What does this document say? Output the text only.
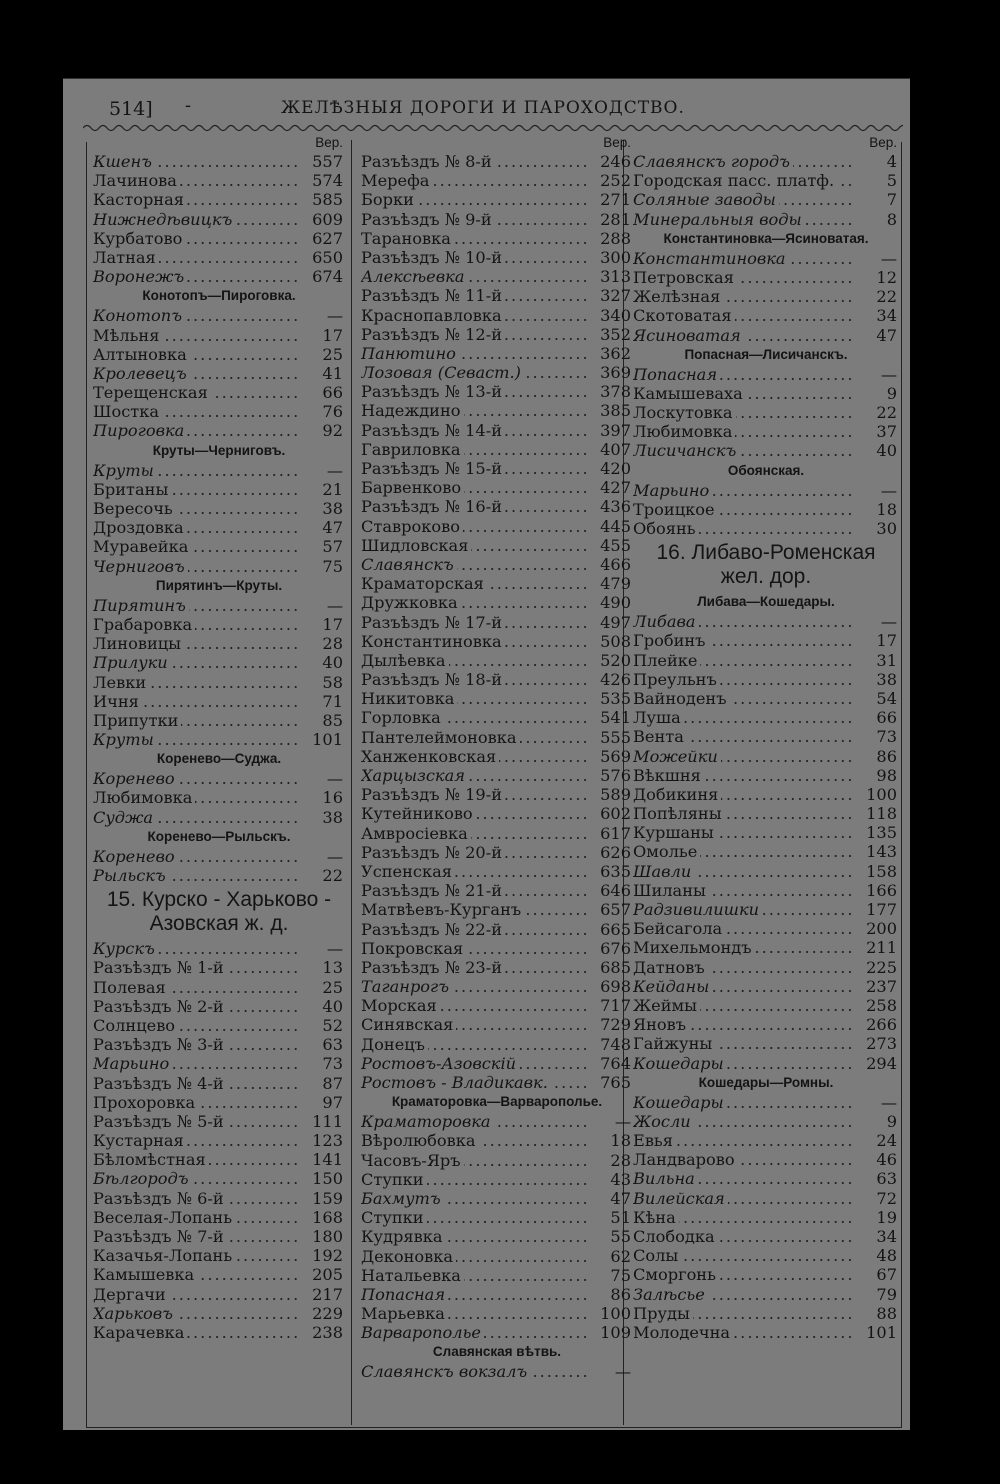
514] -	ЖЕЛѢЗНЫЯ ДОРОГИ И ПАРОХОДСТВО.
Вер.
.....
Кшенъ	557
.....
Лачинова	574
.....
Касторная	585
.....
Нижнедѣвицкъ	609
.....
Курбатово	627
.....
Латная	650
.....
Воронежъ	674
Конотопъ—Пироговка.
.....
Конотопъ	—
.....
Мѣльня	17
.....
Алтыновка	25
.....
Кролевецъ	41
.....
Терещенская	66
.....
Шостка	76
.....
Пироговка	92
Круты—Черниговъ.
.....
Круты	—
.....
Британы	21
.....
Вересочь	38
.....
Дроздовка	47
.....
Муравейка	57
.....
Черниговъ	75
Пирятинъ—Круты.
.....
Пирятинъ	—
.....
Грабаровка	17
.....
Линовицы	28
.....
Прилуки	40
.....
Левки	58
.....
Ичня	71
.....
Припутки	85
.....
Круты	101
Коренево—Суджа.
.....
Коренево	—
.....
Любимовка	16
.....
Суджа	38
Коренево—Рыльскъ.
.....
Коренево	—
.....
Рыльскъ	22
15. Курско - Харьково - Азовская ж. д.
.....
Курскъ	—
.....
Разъѣздъ № 1-й	13
.....
Полевая	25
.....
Разъѣздъ № 2-й	40
.....
Солнцево	52
.....
Разъѣздъ № 3-й	63
.....
Марьино	73
.....
Разъѣздъ № 4-й	87
.....
Прохоровка	97
.....
Разъѣздъ № 5-й	111
.....
Кустарная	123
.....
Бѣломѣстная	141
.....
Бѣлгородъ	150
.....
Разъѣздъ № 6-й	159
.....
Веселая-Лопань	168
.....
Разъѣздъ № 7-й	180
.....
Казачья-Лопань	192
.....
Камышевка	205
.....
Дергачи	217
.....
Харьковъ	229
.....
Карачевка	238
Вер.
.....
Разъѣздъ № 8-й	246
.....
Мерефа	252
.....
Борки	271
.....
Разъѣздъ № 9-й	281
.....
Тарановка	288
.....
Разъѣздъ № 10-й	300
.....
Алексѣевка	313
.....
Разъѣздъ № 11-й	327
.....
Краснопавловка	340
.....
Разъѣздъ № 12-й	352
.....
Панютино	362
.....
Лозовая (Севаст.)	369
.....
Разъѣздъ № 13-й	378
.....
Надеждино	385
.....
Разъѣздъ № 14-й	397
.....
Гавриловка	407
.....
Разъѣздъ № 15-й	420
.....
Барвенково	427
.....
Разъѣздъ № 16-й	436
.....
Ставроково	445
.....
Шидловская	455
.....
Славянскъ	466
.....
Краматорская	479
.....
Дружковка	490
.....
Разъѣздъ № 17-й	497
.....
Константиновка	508
.....
Дылѣевка	520
.....
Разъѣздъ № 18-й	426
.....
Никитовка	535
.....
Горловка	541
.....
Пантелеймоновка	555
.....
Ханженковская	569
.....
Харцызская	576
.....
Разъѣздъ № 19-й	589
.....
Кутейниково	602
.....
Амвросіевка	617
.....
Разъѣздъ № 20-й	626
.....
Успенская	635
.....
Разъѣздъ № 21-й	646
.....
Матвѣевъ-Курганъ	657
.....
Разъѣздъ № 22-й	665
.....
Покровская	676
.....
Разъѣздъ № 23-й	685
.....
Таганрогъ	698
.....
Морская	717
.....
Синявская	729
.....
Донецъ	748
.....
Ростовъ-Азовскій	764
.....
Ростовъ - Владикавк.	765
Краматоровка—Варварополье.
.....
Краматоровка	—
.....
Вѣролюбовка	18
.....
Часовъ-Яръ	28
.....
Ступки	43
.....
Бахмутъ	47
.....
Ступки	51
.....
Кудрявка	55
.....
Деконовка	62
.....
Натальевка	75
.....
Попасная	86
.....
Марьевка	100
.....
Варварополье	109
Славянская вѣтвь.
.....
Славянскъ вокзалъ	—
Вер.
.....
Славянскъ городъ	4
.....
Городская пасс. платф.	5
.....
Соляные заводы	7
.....
Минеральныя воды	8
Константиновка—Ясиноватая.
.....
Константиновка	—
.....
Петровская	12
.....
Желѣзная	22
.....
Скотоватая	34
.....
Ясиноватая	47
Попасная—Лисичанскъ.
.....
Попасная	—
.....
Камышеваха	9
.....
Лоскутовка	22
.....
Любимовка	37
.....
Лисичанскъ	40
Обоянская.
.....
Марьино	—
.....
Троицкое	18
.....
Обоянь	30
16. Либаво-Роменская жел. дор.
Либава—Кошедары.
.....
Либава	—
.....
Гробинъ	17
.....
Плейке	31
.....
Преульнъ	38
.....
Вайноденъ	54
.....
Луша	66
.....
Вента	73
.....
Можейки	86
.....
Вѣкшня	98
.....
Добикиня	100
.....
Попѣляны	118
.....
Куршаны	135
.....
Омолье	143
.....
Шавли	158
.....
Шиланы	166
.....
Радзивилишки	177
.....
Бейсагола	200
.....
Михельмондъ	211
.....
Датновъ	225
.....
Кейданы	237
.....
Жеймы	258
.....
Яновъ	266
.....
Гайжуны	273
.....
Кошедары	294
Кошедары—Ромны.
.....
Кошедары	—
.....
Жосли	9
.....
Евья	24
.....
Ландварово	46
.....
Вильна	63
.....
Вилейская	72
.....
Кѣна	19
.....
Слободка	34
.....
Солы	48
.....
Сморгонь	67
.....
Залѣсье	79
.....
Пруды	88
.....
Молодечна	101
